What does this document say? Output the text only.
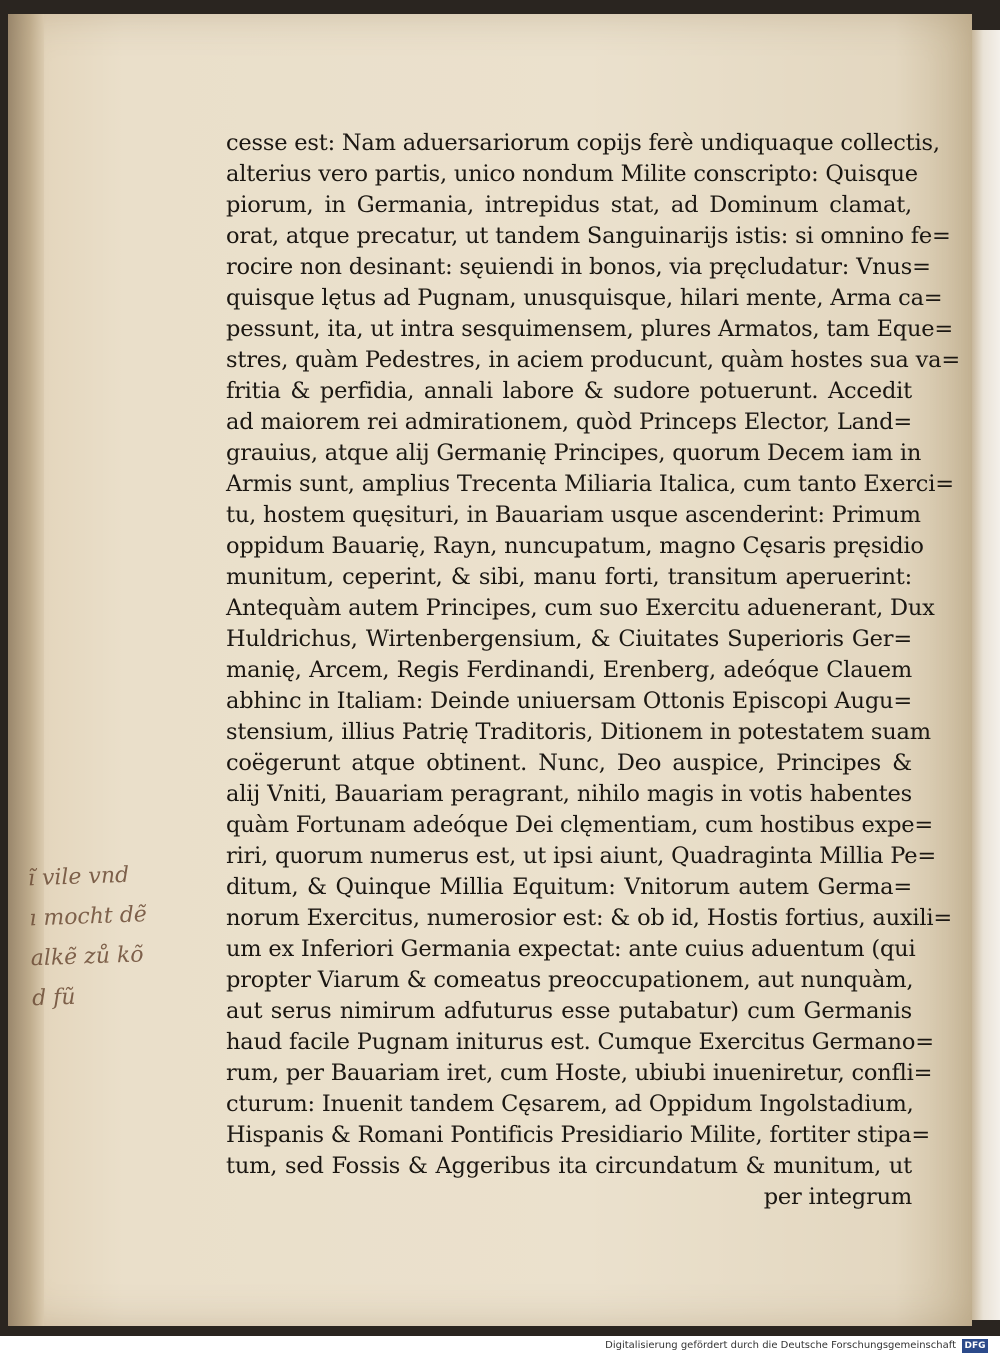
cesse est: Nam aduersariorum copijs ferè undiquaque collectis,
alterius vero partis, unico nondum Milite conscripto: Quisque
piorum, in Germania, intrepidus stat, ad Dominum clamat,
orat, atque precatur, ut tandem Sanguinarijs istis: si omnino fe=
rocire non desinant: sęuiendi in bonos, via pręcludatur: Vnus=
quisque lętus ad Pugnam, unusquisque, hilari mente, Arma ca=
pessunt, ita, ut intra sesquimensem, plures Armatos, tam Eque=
stres, quàm Pedestres, in aciem producunt, quàm hostes sua va=
fritia & perfidia, annali labore & sudore potuerunt. Accedit
ad maiorem rei admirationem, quòd Princeps Elector, Land=
grauius, atque alij Germanię Principes, quorum Decem iam in
Armis sunt, amplius Trecenta Miliaria Italica, cum tanto Exerci=
tu, hostem quęsituri, in Bauariam usque ascenderint: Primum
oppidum Bauarię, Rayn, nuncupatum, magno Cęsaris pręsidio
munitum, ceperint, & sibi, manu forti, transitum aperuerint:
Antequàm autem Principes, cum suo Exercitu aduenerant, Dux
Huldrichus, Wirtenbergensium, & Ciuitates Superioris Ger=
manię, Arcem, Regis Ferdinandi, Erenberg, adeóque Clauem
abhinc in Italiam: Deinde uniuersam Ottonis Episcopi Augu=
stensium, illius Patrię Traditoris, Ditionem in potestatem suam
coëgerunt atque obtinent. Nunc, Deo auspice, Principes &
alij Vniti, Bauariam peragrant, nihilo magis in votis habentes
quàm Fortunam adeóque Dei clęmentiam, cum hostibus expe=
riri, quorum numerus est, ut ipsi aiunt, Quadraginta Millia Pe=
ditum, & Quinque Millia Equitum: Vnitorum autem Germa=
norum Exercitus, numerosior est: & ob id, Hostis fortius, auxili=
um ex Inferiori Germania expectat: ante cuius aduentum (qui
propter Viarum & comeatus preoccupationem, aut nunquàm,
aut serus nimirum adfuturus esse putabatur) cum Germanis
haud facile Pugnam initurus est. Cumque Exercitus Germano=
rum, per Bauariam iret, cum Hoste, ubiubi inueniretur, confli=
cturum: Inuenit tandem Cęsarem, ad Oppidum Ingolstadium,
Hispanis & Romani Pontificis Presidiario Milite, fortiter stipa=
tum, sed Fossis & Aggeribus ita circundatum & munitum, ut
per integrum
ı̃ vile vnd
ı mocht dẽ
alkẽ zů kõ
d fũ
Digitalisierung gefördert durch die Deutsche Forschungsgemeinschaft DFG
